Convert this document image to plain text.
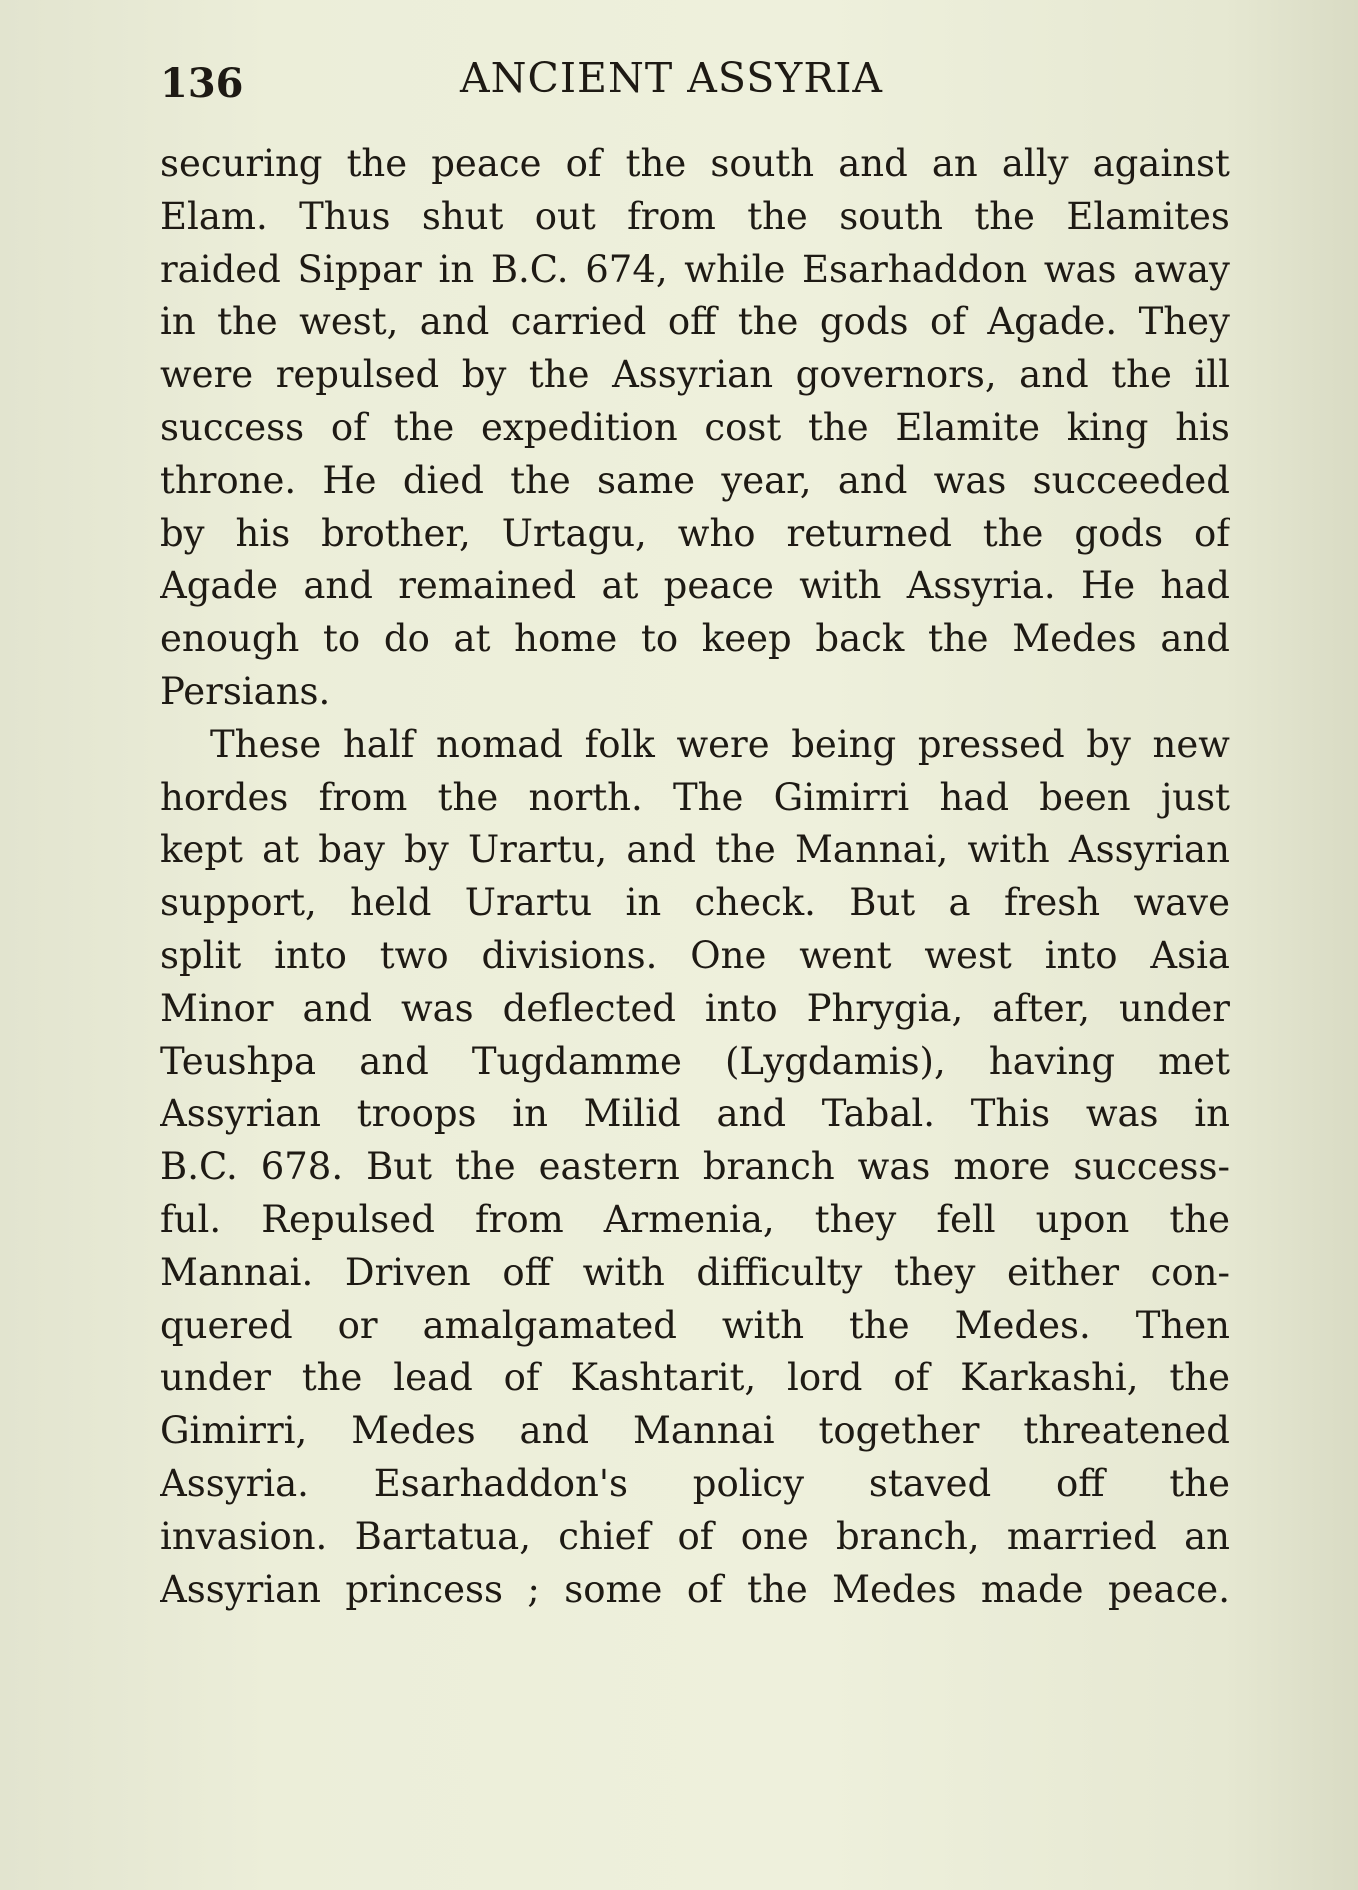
136	ANCIENT ASSYRIA
securing the peace of the south and an ally against
Elam. Thus shut out from the south the Elamites
raided Sippar in B.C. 674, while Esarhaddon was away
in the west, and carried off the gods of Agade. They
were repulsed by the Assyrian governors, and the ill
success of the expedition cost the Elamite king his
throne. He died the same year, and was succeeded
by his brother, Urtagu, who returned the gods of
Agade and remained at peace with Assyria. He had
enough to do at home to keep back the Medes and
Persians.
These half nomad folk were being pressed by new
hordes from the north. The Gimirri had been just
kept at bay by Urartu, and the Mannai, with Assyrian
support, held Urartu in check. But a fresh wave
split into two divisions. One went west into Asia
Minor and was deflected into Phrygia, after, under
Teushpa and Tugdamme (Lygdamis), having met
Assyrian troops in Milid and Tabal. This was in
B.C. 678. But the eastern branch was more success-
ful. Repulsed from Armenia, they fell upon the
Mannai. Driven off with difficulty they either con-
quered or amalgamated with the Medes. Then
under the lead of Kashtarit, lord of Karkashi, the
Gimirri, Medes and Mannai together threatened
Assyria. Esarhaddon's policy staved off the
invasion. Bartatua, chief of one branch, married an
Assyrian princess ; some of the Medes made peace.
